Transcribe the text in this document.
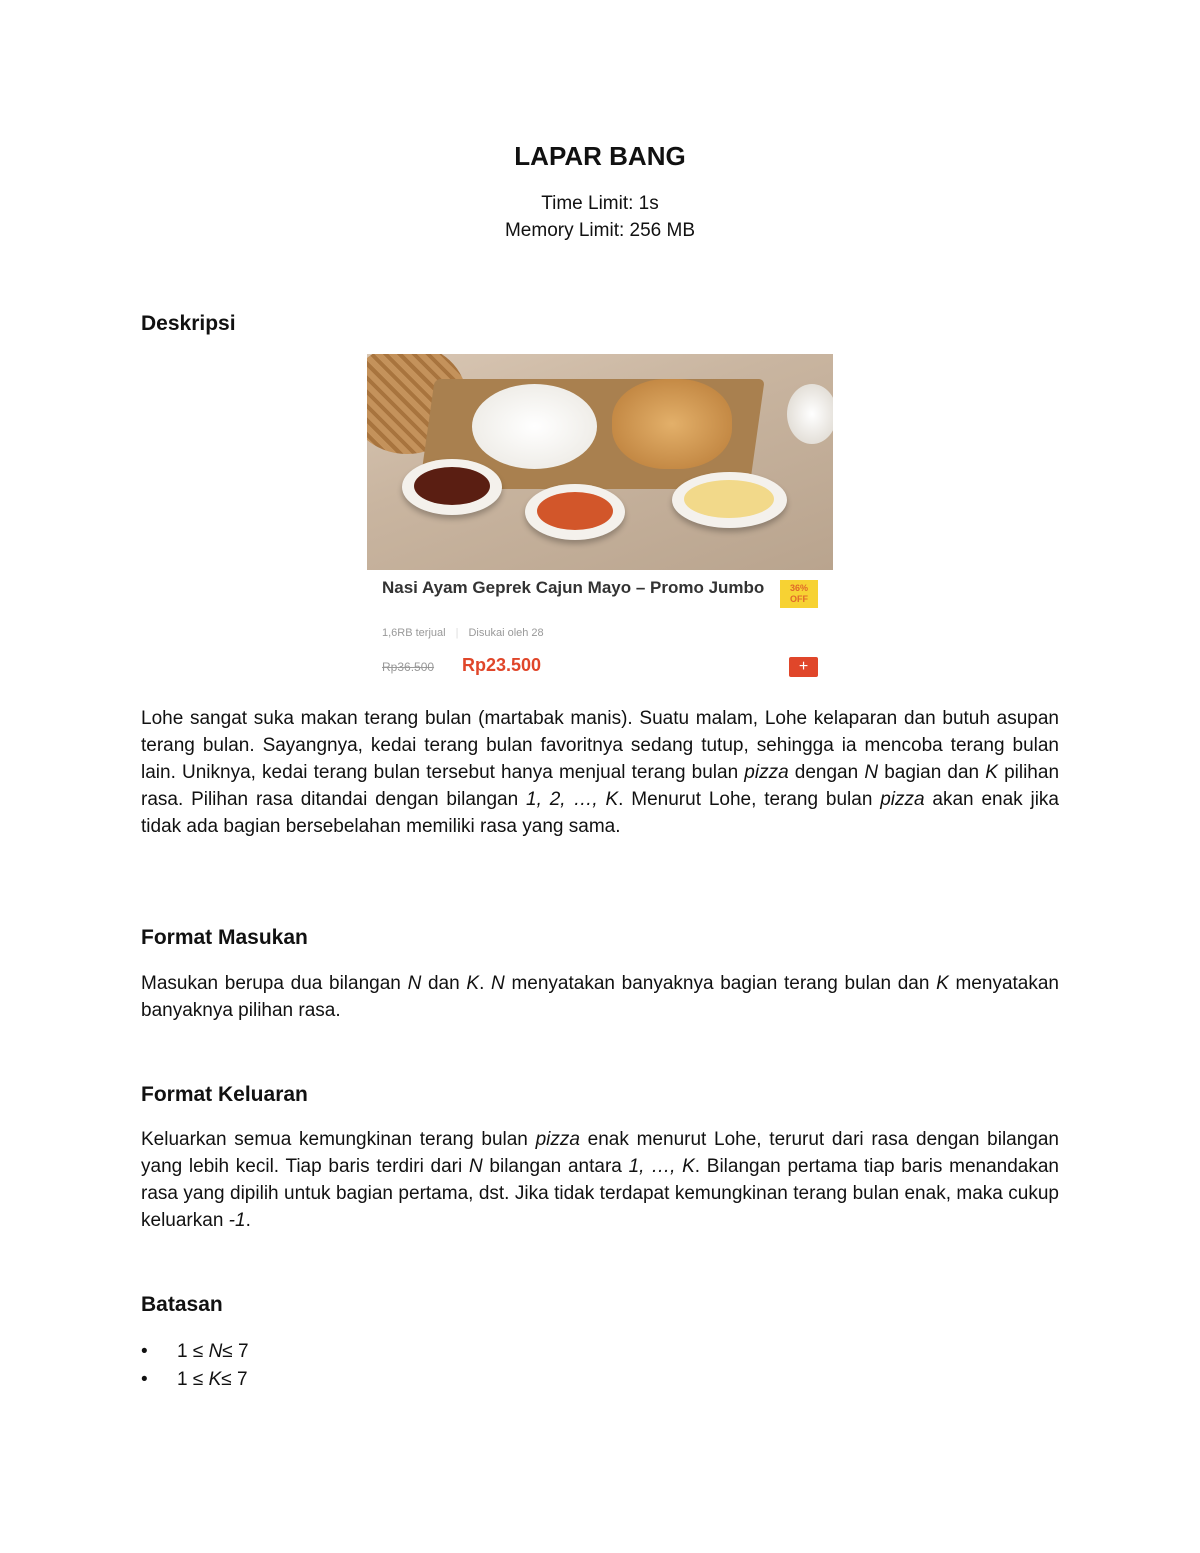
LAPAR BANG
Time Limit: 1s
Memory Limit: 256 MB
Deskripsi
Nasi Ayam Geprek Cajun Mayo – Promo Jumbo	36% OFF
1,6RB terjual | Disukai oleh 28
Rp36.500 Rp23.500	+

Lohe sangat suka makan terang bulan (martabak manis). Suatu malam, Lohe kelaparan dan butuh asupan terang bulan. Sayangnya, kedai terang bulan favoritnya sedang tutup, sehingga ia mencoba terang bulan lain. Uniknya, kedai terang bulan tersebut hanya menjual terang bulan pizza dengan N bagian dan K pilihan rasa. Pilihan rasa ditandai dengan bilangan 1, 2, …, K. Menurut Lohe, terang bulan pizza akan enak jika tidak ada bagian bersebelahan memiliki rasa yang sama.

Format Masukan

Masukan berupa dua bilangan N dan K. N menyatakan banyaknya bagian terang bulan dan K menyatakan banyaknya pilihan rasa.

Format Keluaran

Keluarkan semua kemungkinan terang bulan pizza enak menurut Lohe, terurut dari rasa dengan bilangan yang lebih kecil. Tiap baris terdiri dari N bilangan antara 1, …, K. Bilangan pertama tiap baris menandakan rasa yang dipilih untuk bagian pertama, dst. Jika tidak terdapat kemungkinan terang bulan enak, maka cukup keluarkan -1.

Batasan
• 1 ≤ N≤ 7
• 1 ≤ K≤ 7
